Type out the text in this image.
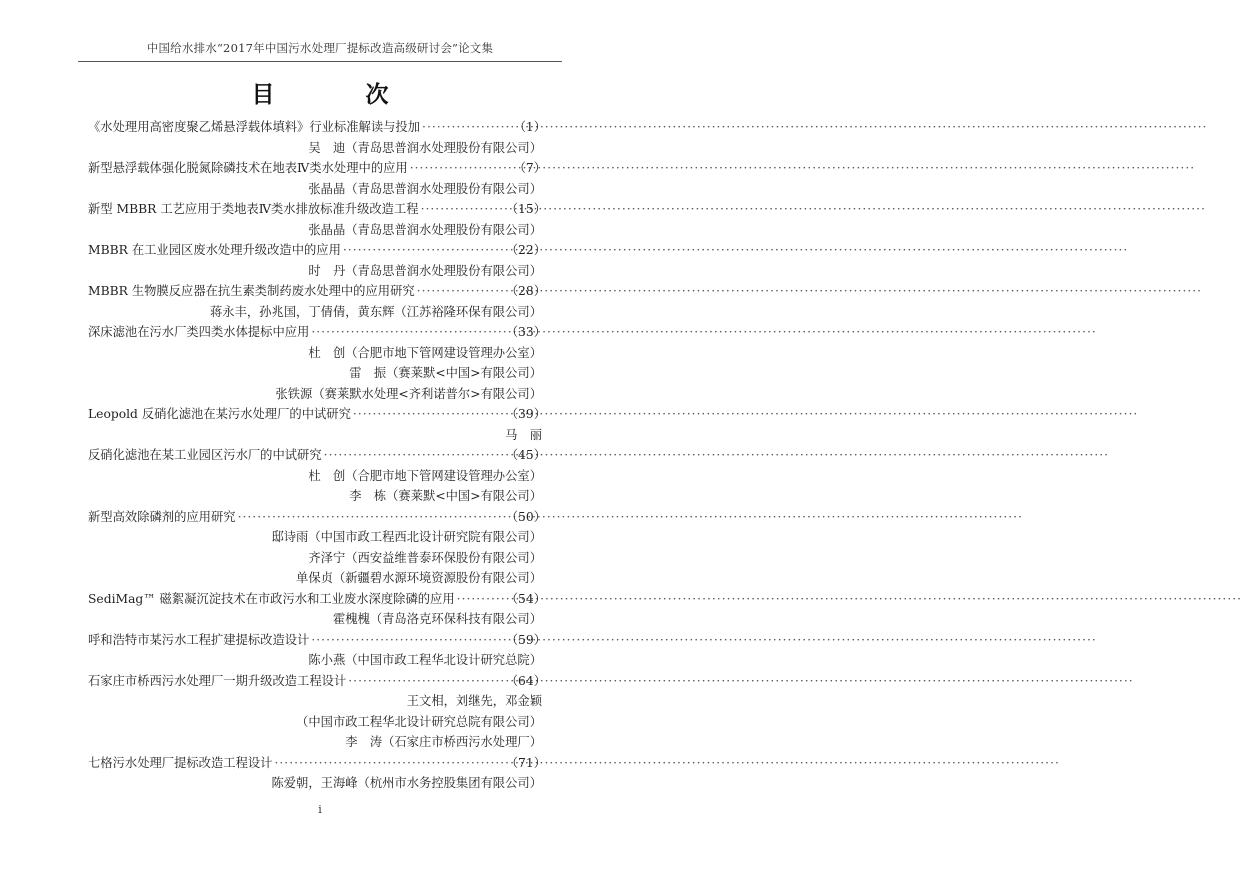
中国给水排水“2017年中国污水处理厂提标改造高级研讨会”论文集
目　次
《水处理用高密度聚乙烯悬浮载体填料》行业标准解读与投加 ·····	（1）
吴　迪（青岛思普润水处理股份有限公司）
新型悬浮载体强化脱氮除磷技术在地表Ⅳ类水处理中的应用 ·····	（7）
张晶晶（青岛思普润水处理股份有限公司）
新型 MBBR 工艺应用于类地表Ⅳ类水排放标准升级改造工程 ·····	（15）
张晶晶（青岛思普润水处理股份有限公司）
MBBR 在工业园区废水处理升级改造中的应用 ·····	（22）
时　丹（青岛思普润水处理股份有限公司）
MBBR 生物膜反应器在抗生素类制药废水处理中的应用研究 ·····	（28）
蒋永丰，孙兆国，丁倩倩，黄东辉（江苏裕隆环保有限公司）
深床滤池在污水厂类四类水体提标中应用 ·····	（33）
杜　创（合肥市地下管网建设管理办公室）
雷　振（赛莱默<中国>有限公司）
张铁源（赛莱默水处理<齐利诺普尔>有限公司）
Leopold 反硝化滤池在某污水处理厂的中试研究 ·····	（39）
马　丽
反硝化滤池在某工业园区污水厂的中试研究 ·····	（45）
杜　创（合肥市地下管网建设管理办公室）
李　栋（赛莱默<中国>有限公司）
新型高效除磷剂的应用研究 ·····	（50）
邸诗雨（中国市政工程西北设计研究院有限公司）
齐泽宁（西安益维普泰环保股份有限公司）
单保贞（新疆碧水源环境资源股份有限公司）
SediMag™ 磁絮凝沉淀技术在市政污水和工业废水深度除磷的应用 ·····	（54）
霍槐槐（青岛洛克环保科技有限公司）
呼和浩特市某污水工程扩建提标改造设计 ·····	（59）
陈小燕（中国市政工程华北设计研究总院）
石家庄市桥西污水处理厂一期升级改造工程设计 ·····	（64）
王文相，刘继先，邓金颖
（中国市政工程华北设计研究总院有限公司）
李　涛（石家庄市桥西污水处理厂）
七格污水处理厂提标改造工程设计 ·····	（71）
陈爱朝，王海峰（杭州市水务控股集团有限公司）
i
